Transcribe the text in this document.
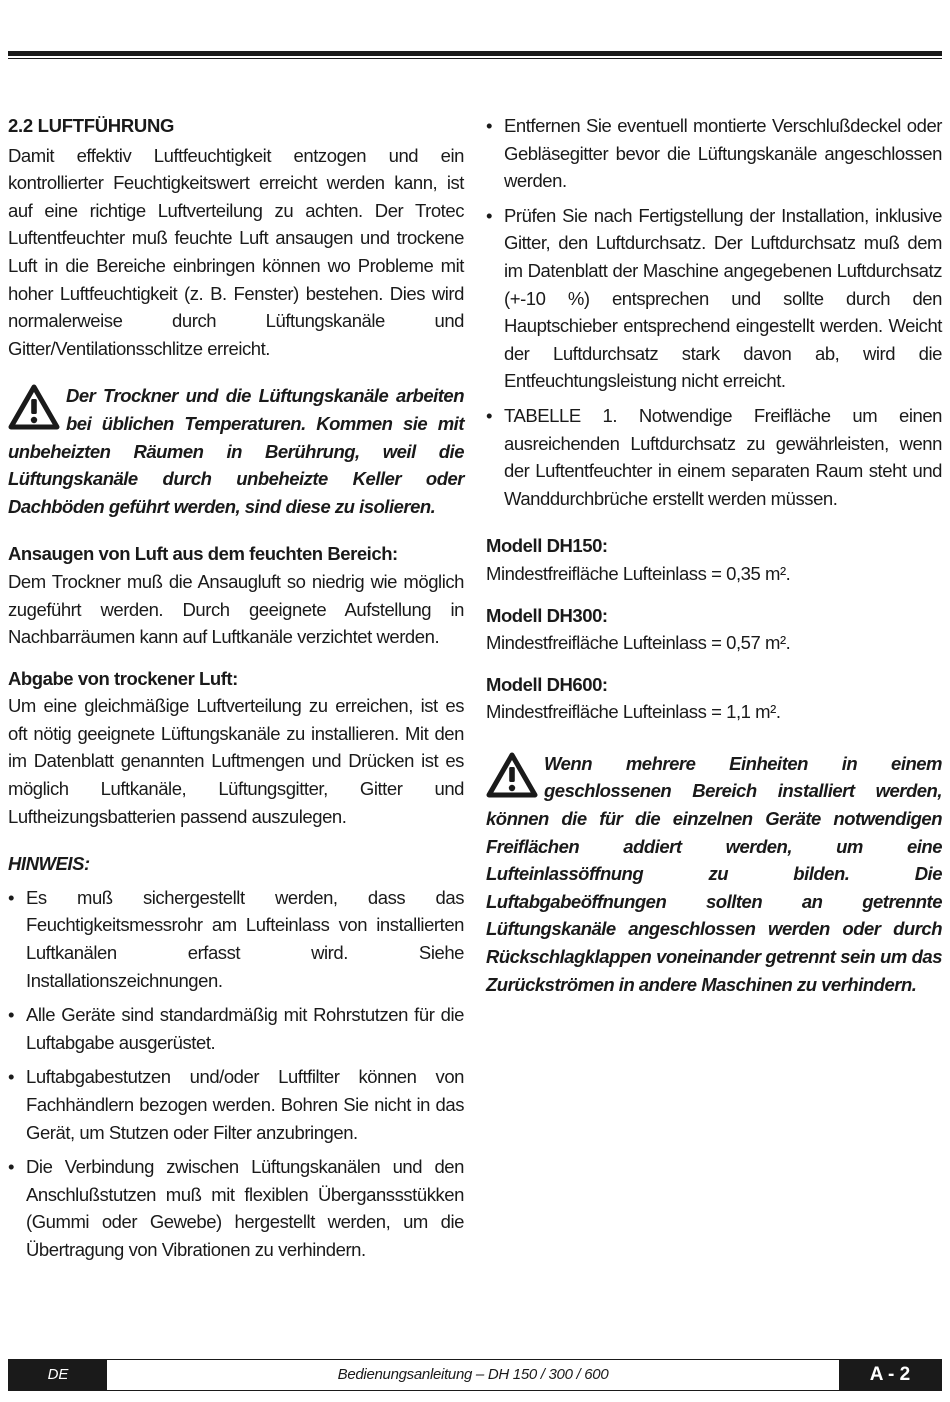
2.2 LUFTFÜHRUNG

Damit effektiv Luftfeuchtigkeit entzogen und ein kontrollierter Feuchtigkeitswert erreicht werden kann, ist auf eine richtige Luftverteilung zu achten. Der Trotec Luftentfeuchter muß feuchte Luft ansaugen und trockene Luft in die Bereiche einbringen können wo Probleme mit hoher Luftfeuchtigkeit (z. B. Fenster) bestehen. Dies wird normalerweise durch Lüftungskanäle und Gitter/Ventilationsschlitze erreicht.

Der Trockner und die Lüftungskanäle arbeiten bei üblichen Temperaturen. Kommen sie mit unbeheizten Räumen in Berührung, weil die Lüftungskanäle durch unbeheizte Keller oder Dachböden geführt werden, sind diese zu isolieren.

Ansaugen von Luft aus dem feuchten Bereich:
Dem Trockner muß die Ansaugluft so niedrig wie möglich zugeführt werden. Durch geeignete Aufstellung in Nachbarräumen kann auf Luftkanäle verzichtet werden.

Abgabe von trockener Luft:
Um eine gleichmäßige Luftverteilung zu erreichen, ist es oft nötig geeignete Lüftungskanäle zu installieren. Mit den im Datenblatt genannten Luftmengen und Drücken ist es möglich Luftkanäle, Lüftungsgitter, Gitter und Luftheizungsbatterien passend auszulegen.

HINWEIS:
• Es muß sichergestellt werden, dass das Feuchtigkeitsmessrohr am Lufteinlass von installierten Luftkanälen erfasst wird. Siehe Installationszeichnungen.
• Alle Geräte sind standardmäßig mit Rohrstutzen für die Luftabgabe ausgerüstet.
• Luftabgabestutzen und/oder Luftfilter können von Fachhändlern bezogen werden. Bohren Sie nicht in das Gerät, um Stutzen oder Filter anzubringen.
• Die Verbindung zwischen Lüftungskanälen und den Anschlußstutzen muß mit flexiblen Überganssstükken (Gummi oder Gewebe) hergestellt werden, um die Übertragung von Vibrationen zu verhindern.
• Entfernen Sie eventuell montierte Verschlußdeckel oder Gebläsegitter bevor die Lüftungskanäle angeschlossen werden.
• Prüfen Sie nach Fertigstellung der Installation, inklusive Gitter, den Luftdurchsatz. Der Luftdurchsatz muß dem im Datenblatt der Maschine angegebenen Luftdurchsatz (+-10 %) entsprechen und sollte durch den Hauptschieber entsprechend eingestellt werden. Weicht der Luftdurchsatz stark davon ab, wird die Entfeuchtungsleistung nicht erreicht.
• TABELLE 1. Notwendige Freifläche um einen ausreichenden Luftdurchsatz zu gewährleisten, wenn der Luftentfeuchter in einem separaten Raum steht und Wanddurchbrüche erstellt werden müssen.
Modell DH150:
Mindestfreifläche Lufteinlass = 0,35 m².
Modell DH300:
Mindestfreifläche Lufteinlass = 0,57 m².
Modell DH600:
Mindestfreifläche Lufteinlass = 1,1 m².
Wenn mehrere Einheiten in einem geschlossenen Bereich installiert werden, können die für die einzelnen Geräte notwendigen Freiflächen addiert werden, um eine Lufteinlassöffnung zu bilden. Die Luftabgabeöffnungen sollten an getrennte Lüftungskanäle angeschlossen werden oder durch Rückschlagklappen voneinander getrennt sein um das Zurückströmen in andere Maschinen zu verhindern.
DE	Bedienungsanleitung – DH 150 / 300 / 600	A - 2
